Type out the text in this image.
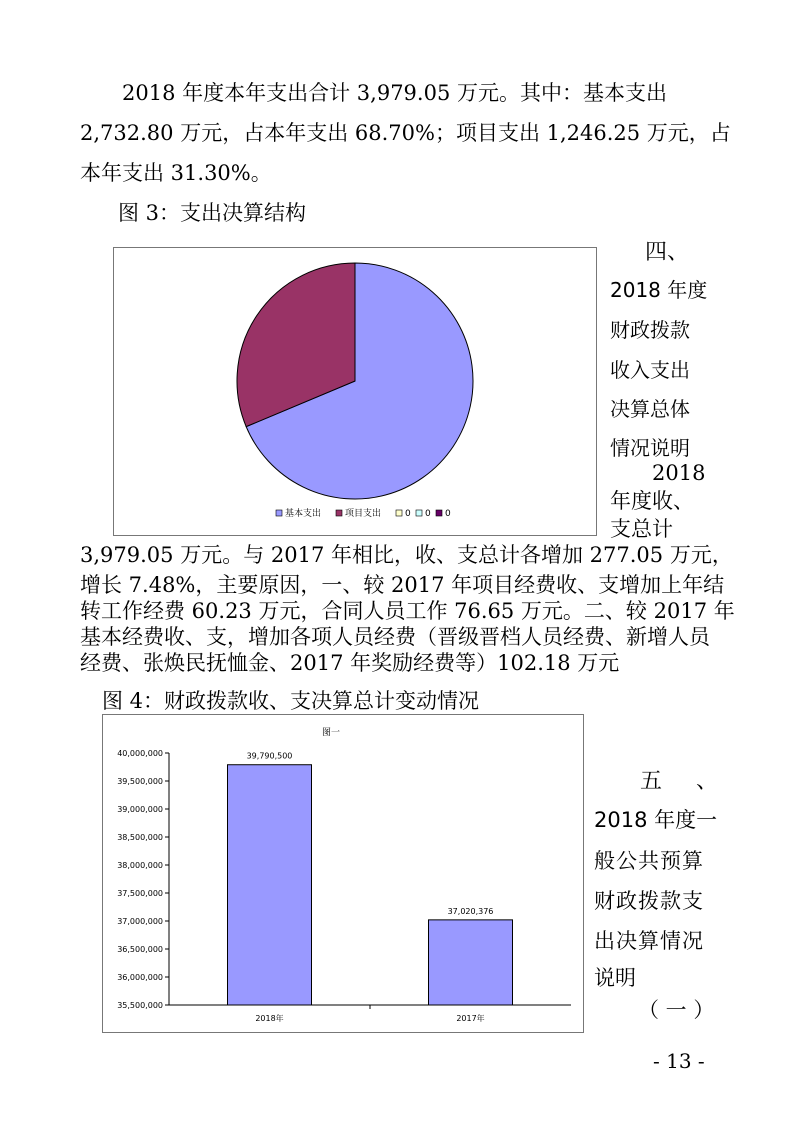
2018 年度本年支出合计 3,979.05 万元。其中：基本支出
2,732.80 万元，占本年支出 68.70%；项目支出 1,246.25 万元，占
本年支出 31.30%。
图 3：支出决算结构
基本支出	项目支出	0 0 0
四、
2018 年度
财政拨款
收入支出
决算总体
情况说明
2018
年度收、
支总计
3,979.05 万元。与 2017 年相比，收、支总计各增加 277.05 万元，
增长 7.48%，主要原因，一、较 2017 年项目经费收、支增加上年结
转工作经费 60.23 万元，合同人员工作 76.65 万元。二、较 2017 年
基本经费收、支，增加各项人员经费（晋级晋档人员经费、新增人员
经费、张焕民抚恤金、2017 年奖励经费等）102.18 万元
图 4：财政拨款收、支决算总计变动情况
图一
35,500,000
36,000,000
36,500,000
37,000,000
37,500,000
38,000,000
38,500,000
39,000,000
39,500,000
40,000,000	39,790,500
2018年
37,020,376
2017年
五　、
2018 年度一
般公共预算
财政拨款支
出决算情况
说明
（ 一 ）
- 13 -
